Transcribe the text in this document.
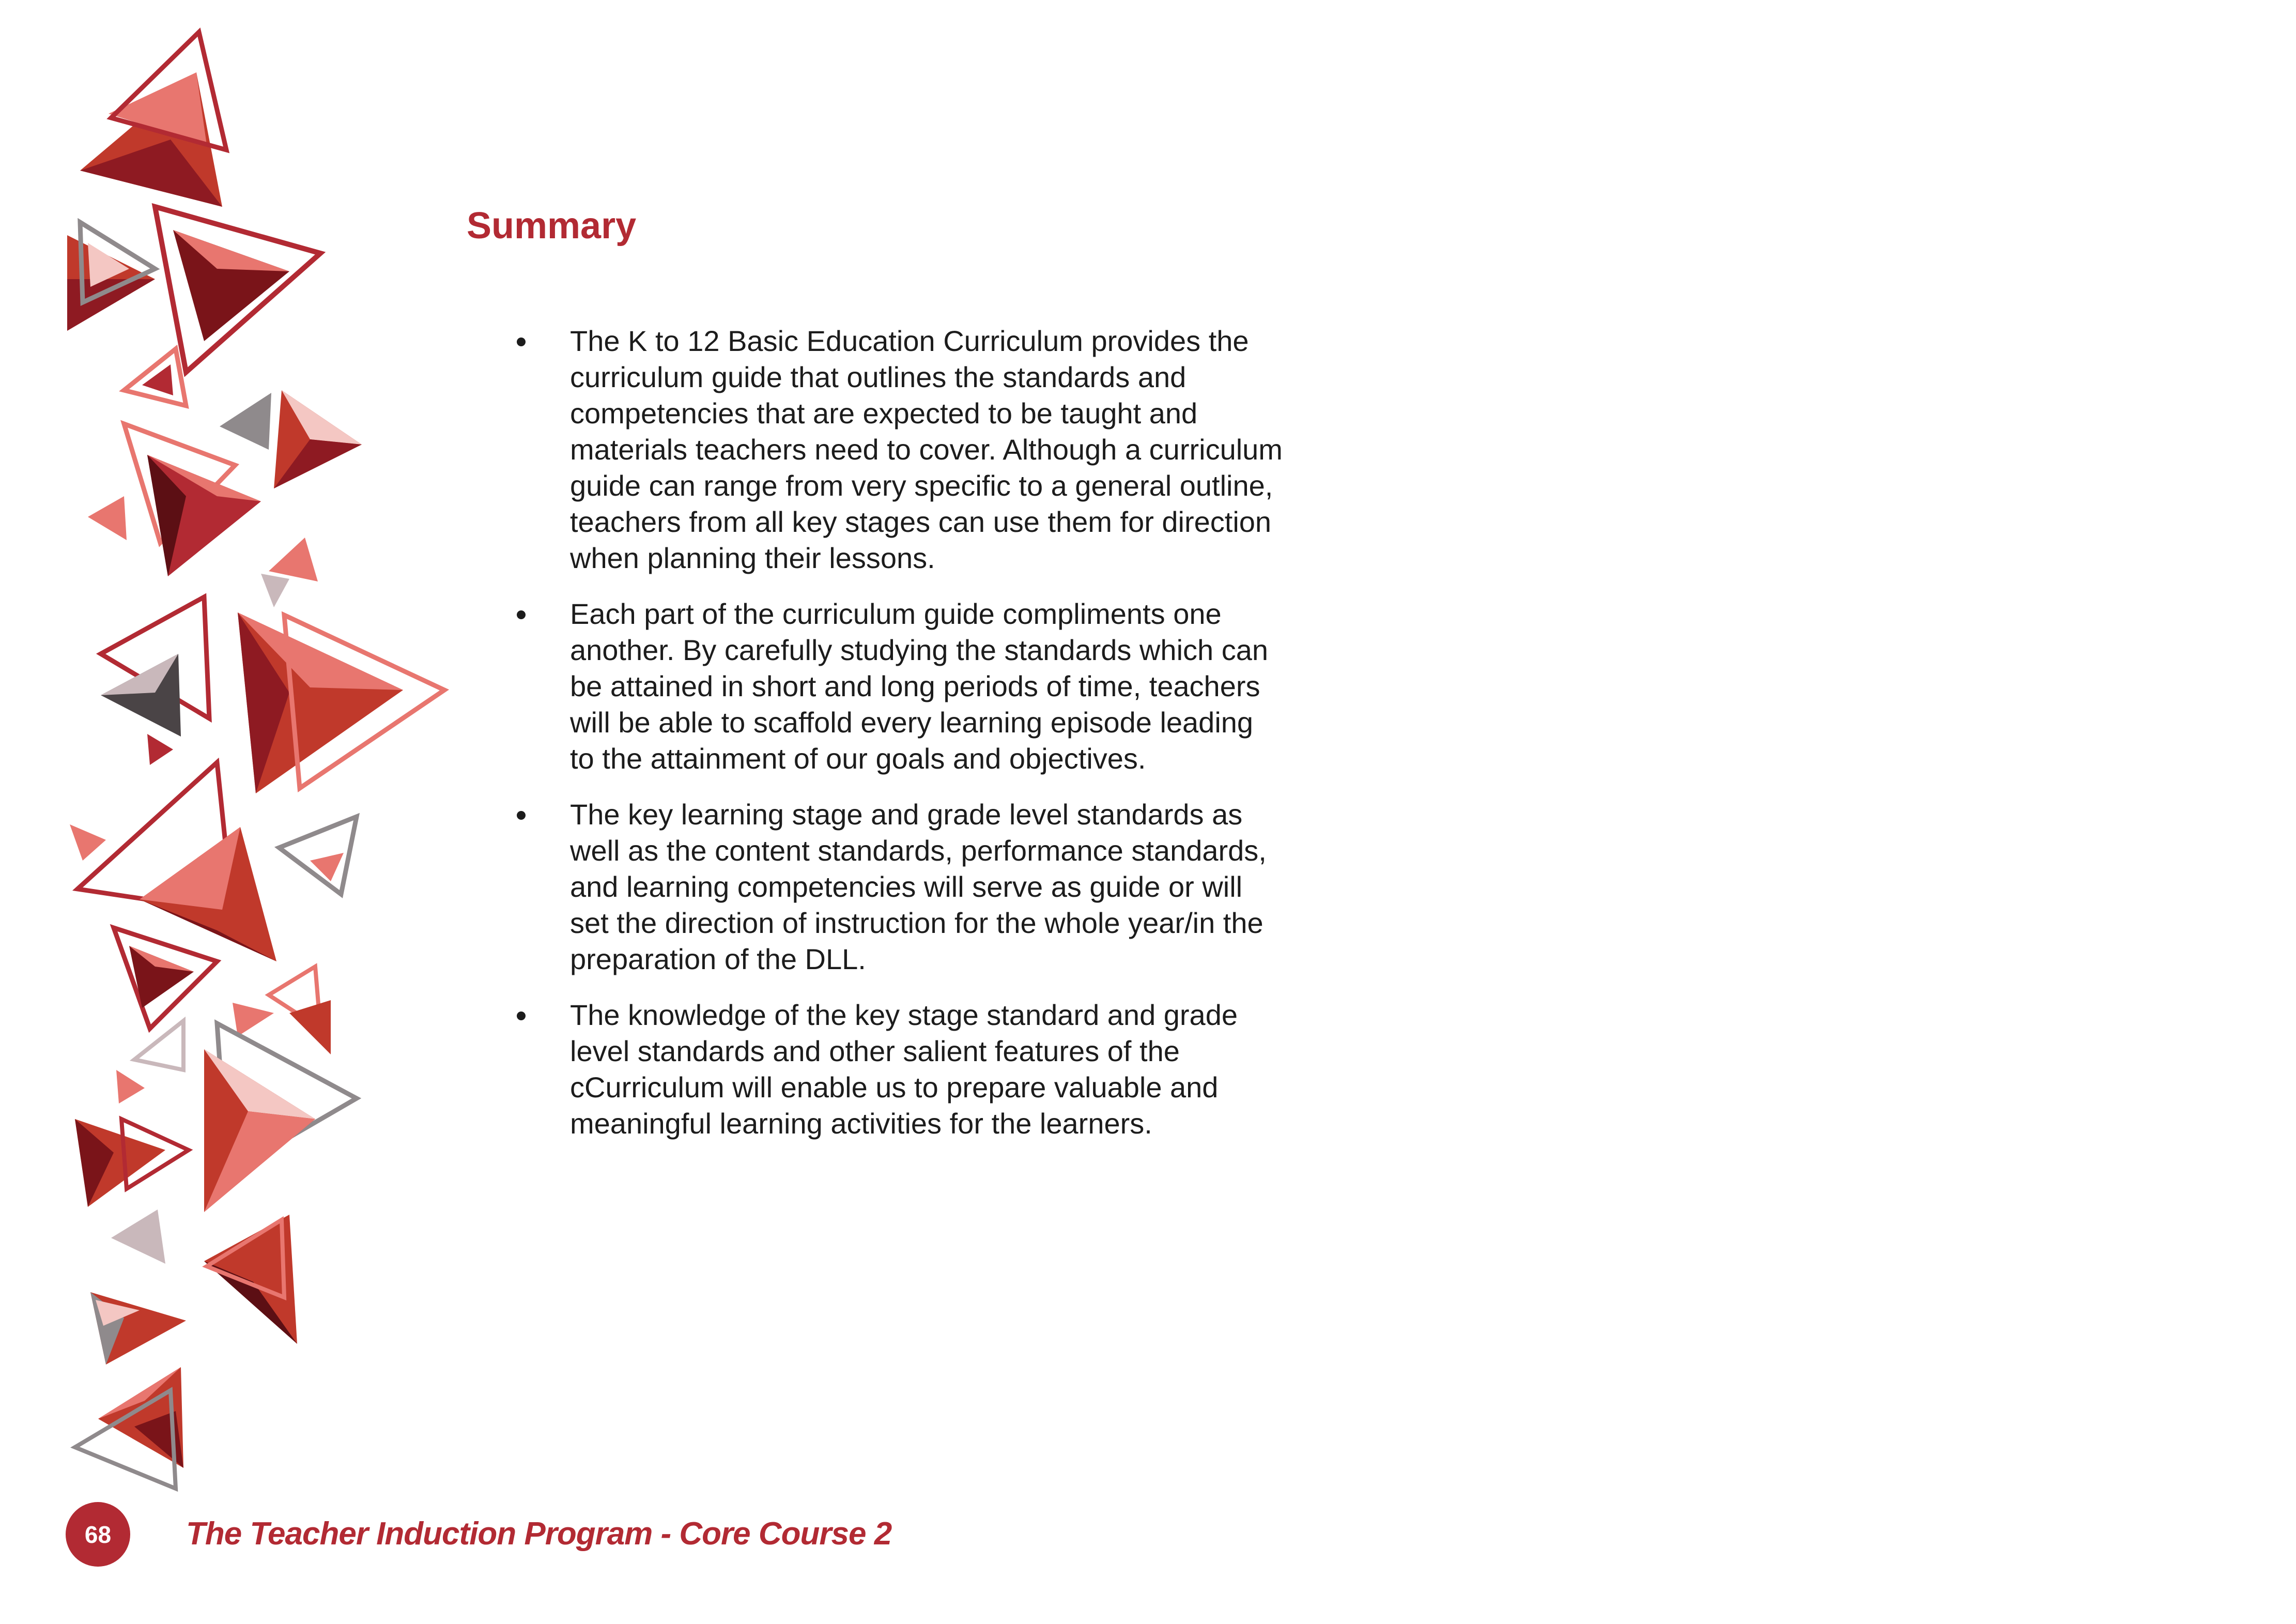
Summary
The K to 12 Basic Education Curriculum provides the curriculum guide that outlines the standards and competencies that are expected to be taught and materials teachers need to cover. Although a curriculum guide can range from very specific to a general outline, teachers from all key stages can use them for direction when planning their lessons.
Each part of the curriculum guide compliments one another. By carefully studying the standards which can be attained in short and long periods of time, teachers will be able to scaffold every learning episode leading to the attainment of our goals and objectives.
The key learning stage and grade level standards as well as the content standards, performance standards, and learning competencies will serve as guide or will set the direction of instruction for the whole year/in the preparation of the DLL.
The knowledge of the key stage standard and grade level standards and other salient features of the cCurriculum will enable us to prepare valuable and meaningful learning activities for the learners.
68	The Teacher Induction Program - Core Course 2
